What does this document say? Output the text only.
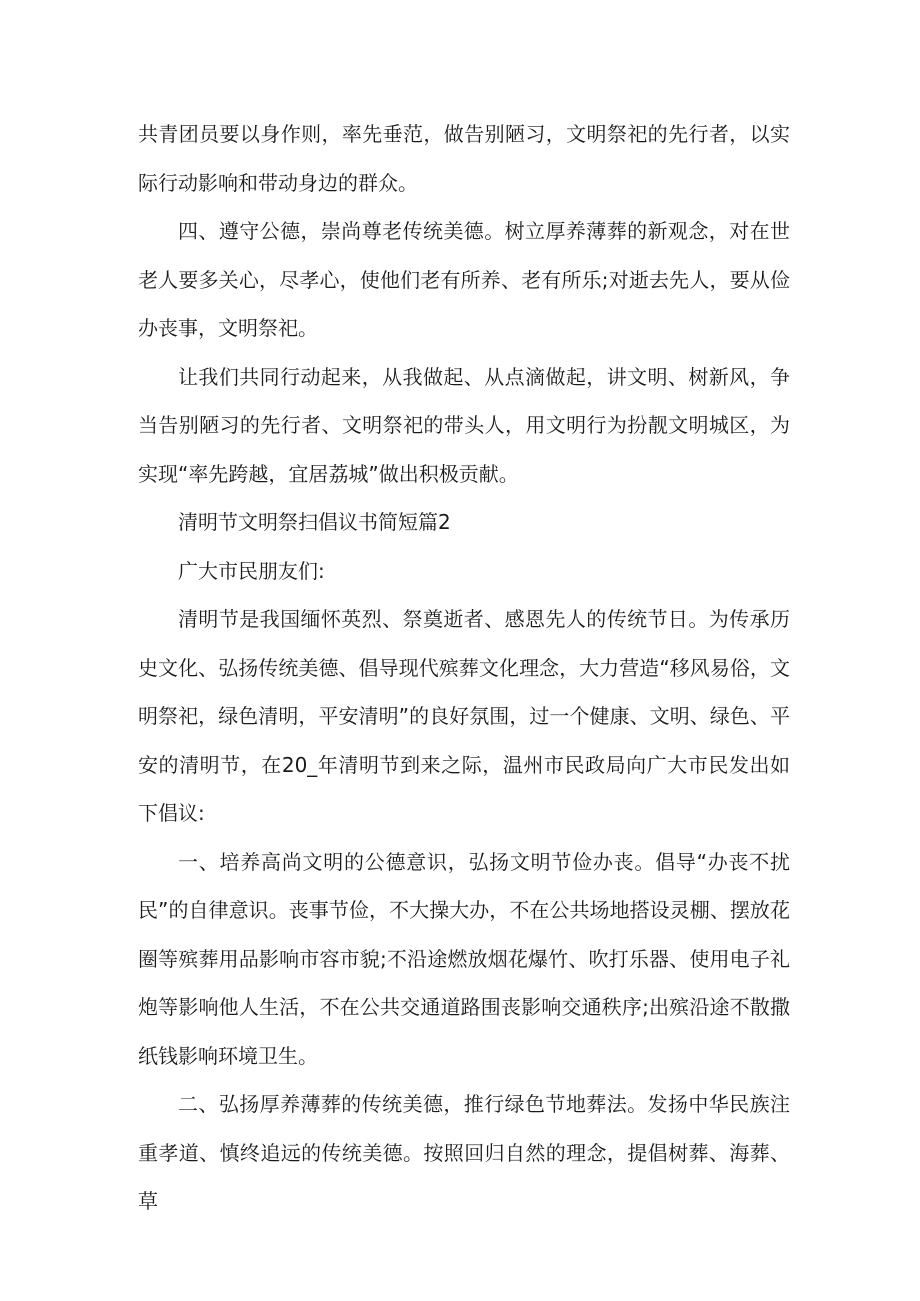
共青团员要以身作则，率先垂范，做告别陋习，文明祭祀的先行者，以实际行动影响和带动身边的群众。

四、遵守公德，崇尚尊老传统美德。树立厚养薄葬的新观念，对在世老人要多关心，尽孝心，使他们老有所养、老有所乐;对逝去先人，要从俭办丧事，文明祭祀。

让我们共同行动起来，从我做起、从点滴做起，讲文明、树新风，争当告别陋习的先行者、文明祭祀的带头人，用文明行为扮靓文明城区，为实现“率先跨越，宜居荔城”做出积极贡献。

清明节文明祭扫倡议书简短篇2

广大市民朋友们:

清明节是我国缅怀英烈、祭奠逝者、感恩先人的传统节日。为传承历史文化、弘扬传统美德、倡导现代殡葬文化理念，大力营造“移风易俗，文明祭祀，绿色清明，平安清明”的良好氛围，过一个健康、文明、绿色、平安的清明节，在20_年清明节到来之际，温州市民政局向广大市民发出如下倡议:

一、培养高尚文明的公德意识，弘扬文明节俭办丧。倡导“办丧不扰民”的自律意识。丧事节俭，不大操大办，不在公共场地搭设灵棚、摆放花圈等殡葬用品影响市容市貌;不沿途燃放烟花爆竹、吹打乐器、使用电子礼炮等影响他人生活，不在公共交通道路围丧影响交通秩序;出殡沿途不散撒纸钱影响环境卫生。

二、弘扬厚养薄葬的传统美德，推行绿色节地葬法。发扬中华民族注重孝道、慎终追远的传统美德。按照回归自然的理念，提倡树葬、海葬、草
